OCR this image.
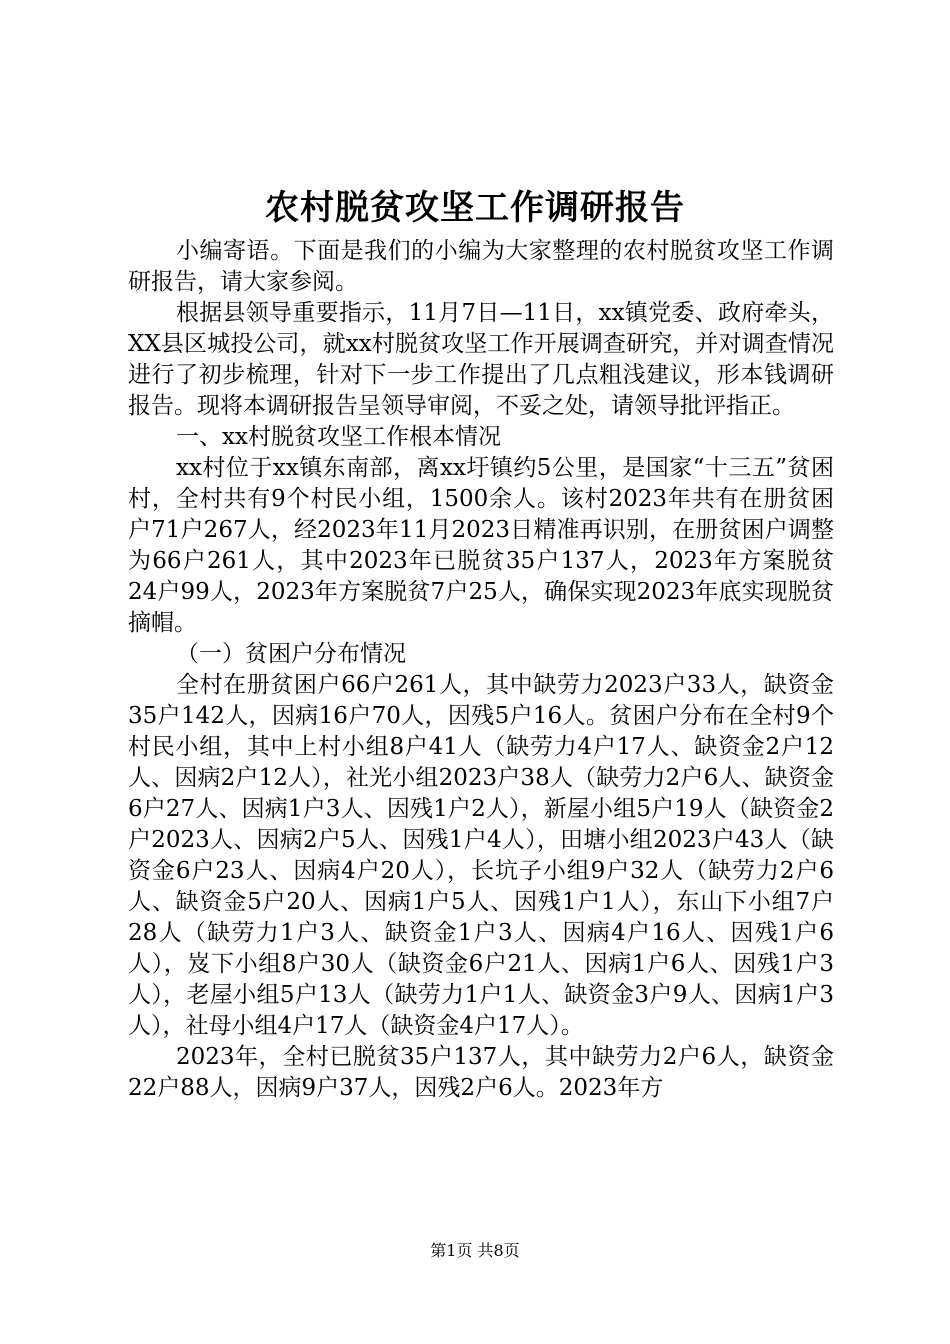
农村脱贫攻坚工作调研报告

小编寄语。下面是我们的小编为大家整理的农村脱贫攻坚工作调研报告，请大家参阅。

根据县领导重要指示，11月7日—11日，xx镇党委、政府牵头，XX县区城投公司，就xx村脱贫攻坚工作开展调查研究，并对调查情况进行了初步梳理，针对下一步工作提出了几点粗浅建议，形本钱调研报告。现将本调研报告呈领导审阅，不妥之处，请领导批评指正。

一、xx村脱贫攻坚工作根本情况

xx村位于xx镇东南部，离xx圩镇约5公里，是国家“十三五”贫困村，全村共有9个村民小组，1500余人。该村2023年共有在册贫困户71户267人，经2023年11月2023日精准再识别，在册贫困户调整为66户261人，其中2023年已脱贫35户137人，2023年方案脱贫24户99人，2023年方案脱贫7户25人，确保实现2023年底实现脱贫摘帽。

（一）贫困户分布情况

全村在册贫困户66户261人，其中缺劳力2023户33人，缺资金35户142人，因病16户70人，因残5户16人。贫困户分布在全村9个村民小组，其中上村小组8户41人（缺劳力4户17人、缺资金2户12人、因病2户12人），社光小组2023户38人（缺劳力2户6人、缺资金6户27人、因病1户3人、因残1户2人），新屋小组5户19人（缺资金2户2023人、因病2户5人、因残1户4人），田塘小组2023户43人（缺资金6户23人、因病4户20人），长坑子小组9户32人（缺劳力2户6人、缺资金5户20人、因病1户5人、因残1户1人），东山下小组7户28人（缺劳力1户3人、缺资金1户3人、因病4户16人、因残1户6人），岌下小组8户30人（缺资金6户21人、因病1户6人、因残1户3人），老屋小组5户13人（缺劳力1户1人、缺资金3户9人、因病1户3人），社母小组4户17人（缺资金4户17人）。

2023年，全村已脱贫35户137人，其中缺劳力2户6人，缺资金22户88人，因病9户37人，因残2户6人。2023年方

第1页 共8页
